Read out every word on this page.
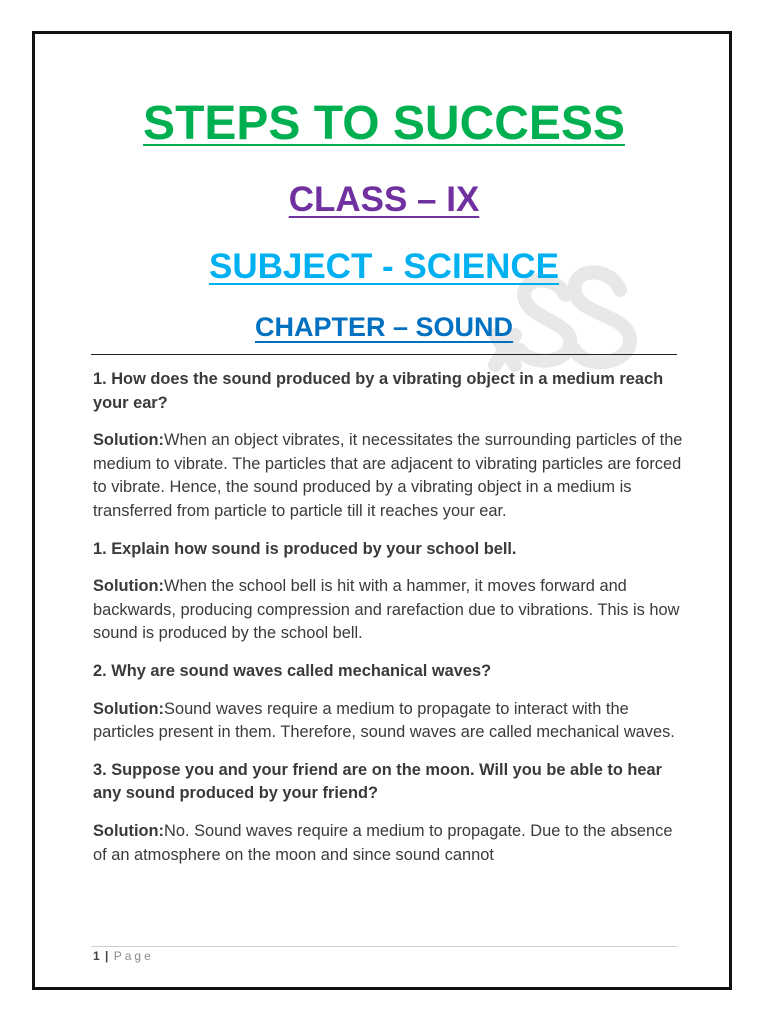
STEPS TO SUCCESS
CLASS – IX
SUBJECT - SCIENCE
CHAPTER – SOUND

1. How does the sound produced by a vibrating object in a medium reach your ear?

Solution:When an object vibrates, it necessitates the surrounding particles of the medium to vibrate. The particles that are adjacent to vibrating particles are forced to vibrate. Hence, the sound produced by a vibrating object in a medium is transferred from particle to particle till it reaches your ear.

1. Explain how sound is produced by your school bell.

Solution:When the school bell is hit with a hammer, it moves forward and backwards, producing compression and rarefaction due to vibrations. This is how sound is produced by the school bell.

2. Why are sound waves called mechanical waves?

Solution:Sound waves require a medium to propagate to interact with the particles present in them. Therefore, sound waves are called mechanical waves.

3. Suppose you and your friend are on the moon. Will you be able to hear any sound produced by your friend?

Solution:No. Sound waves require a medium to propagate. Due to the absence of an atmosphere on the moon and since sound cannot

1 | Page
